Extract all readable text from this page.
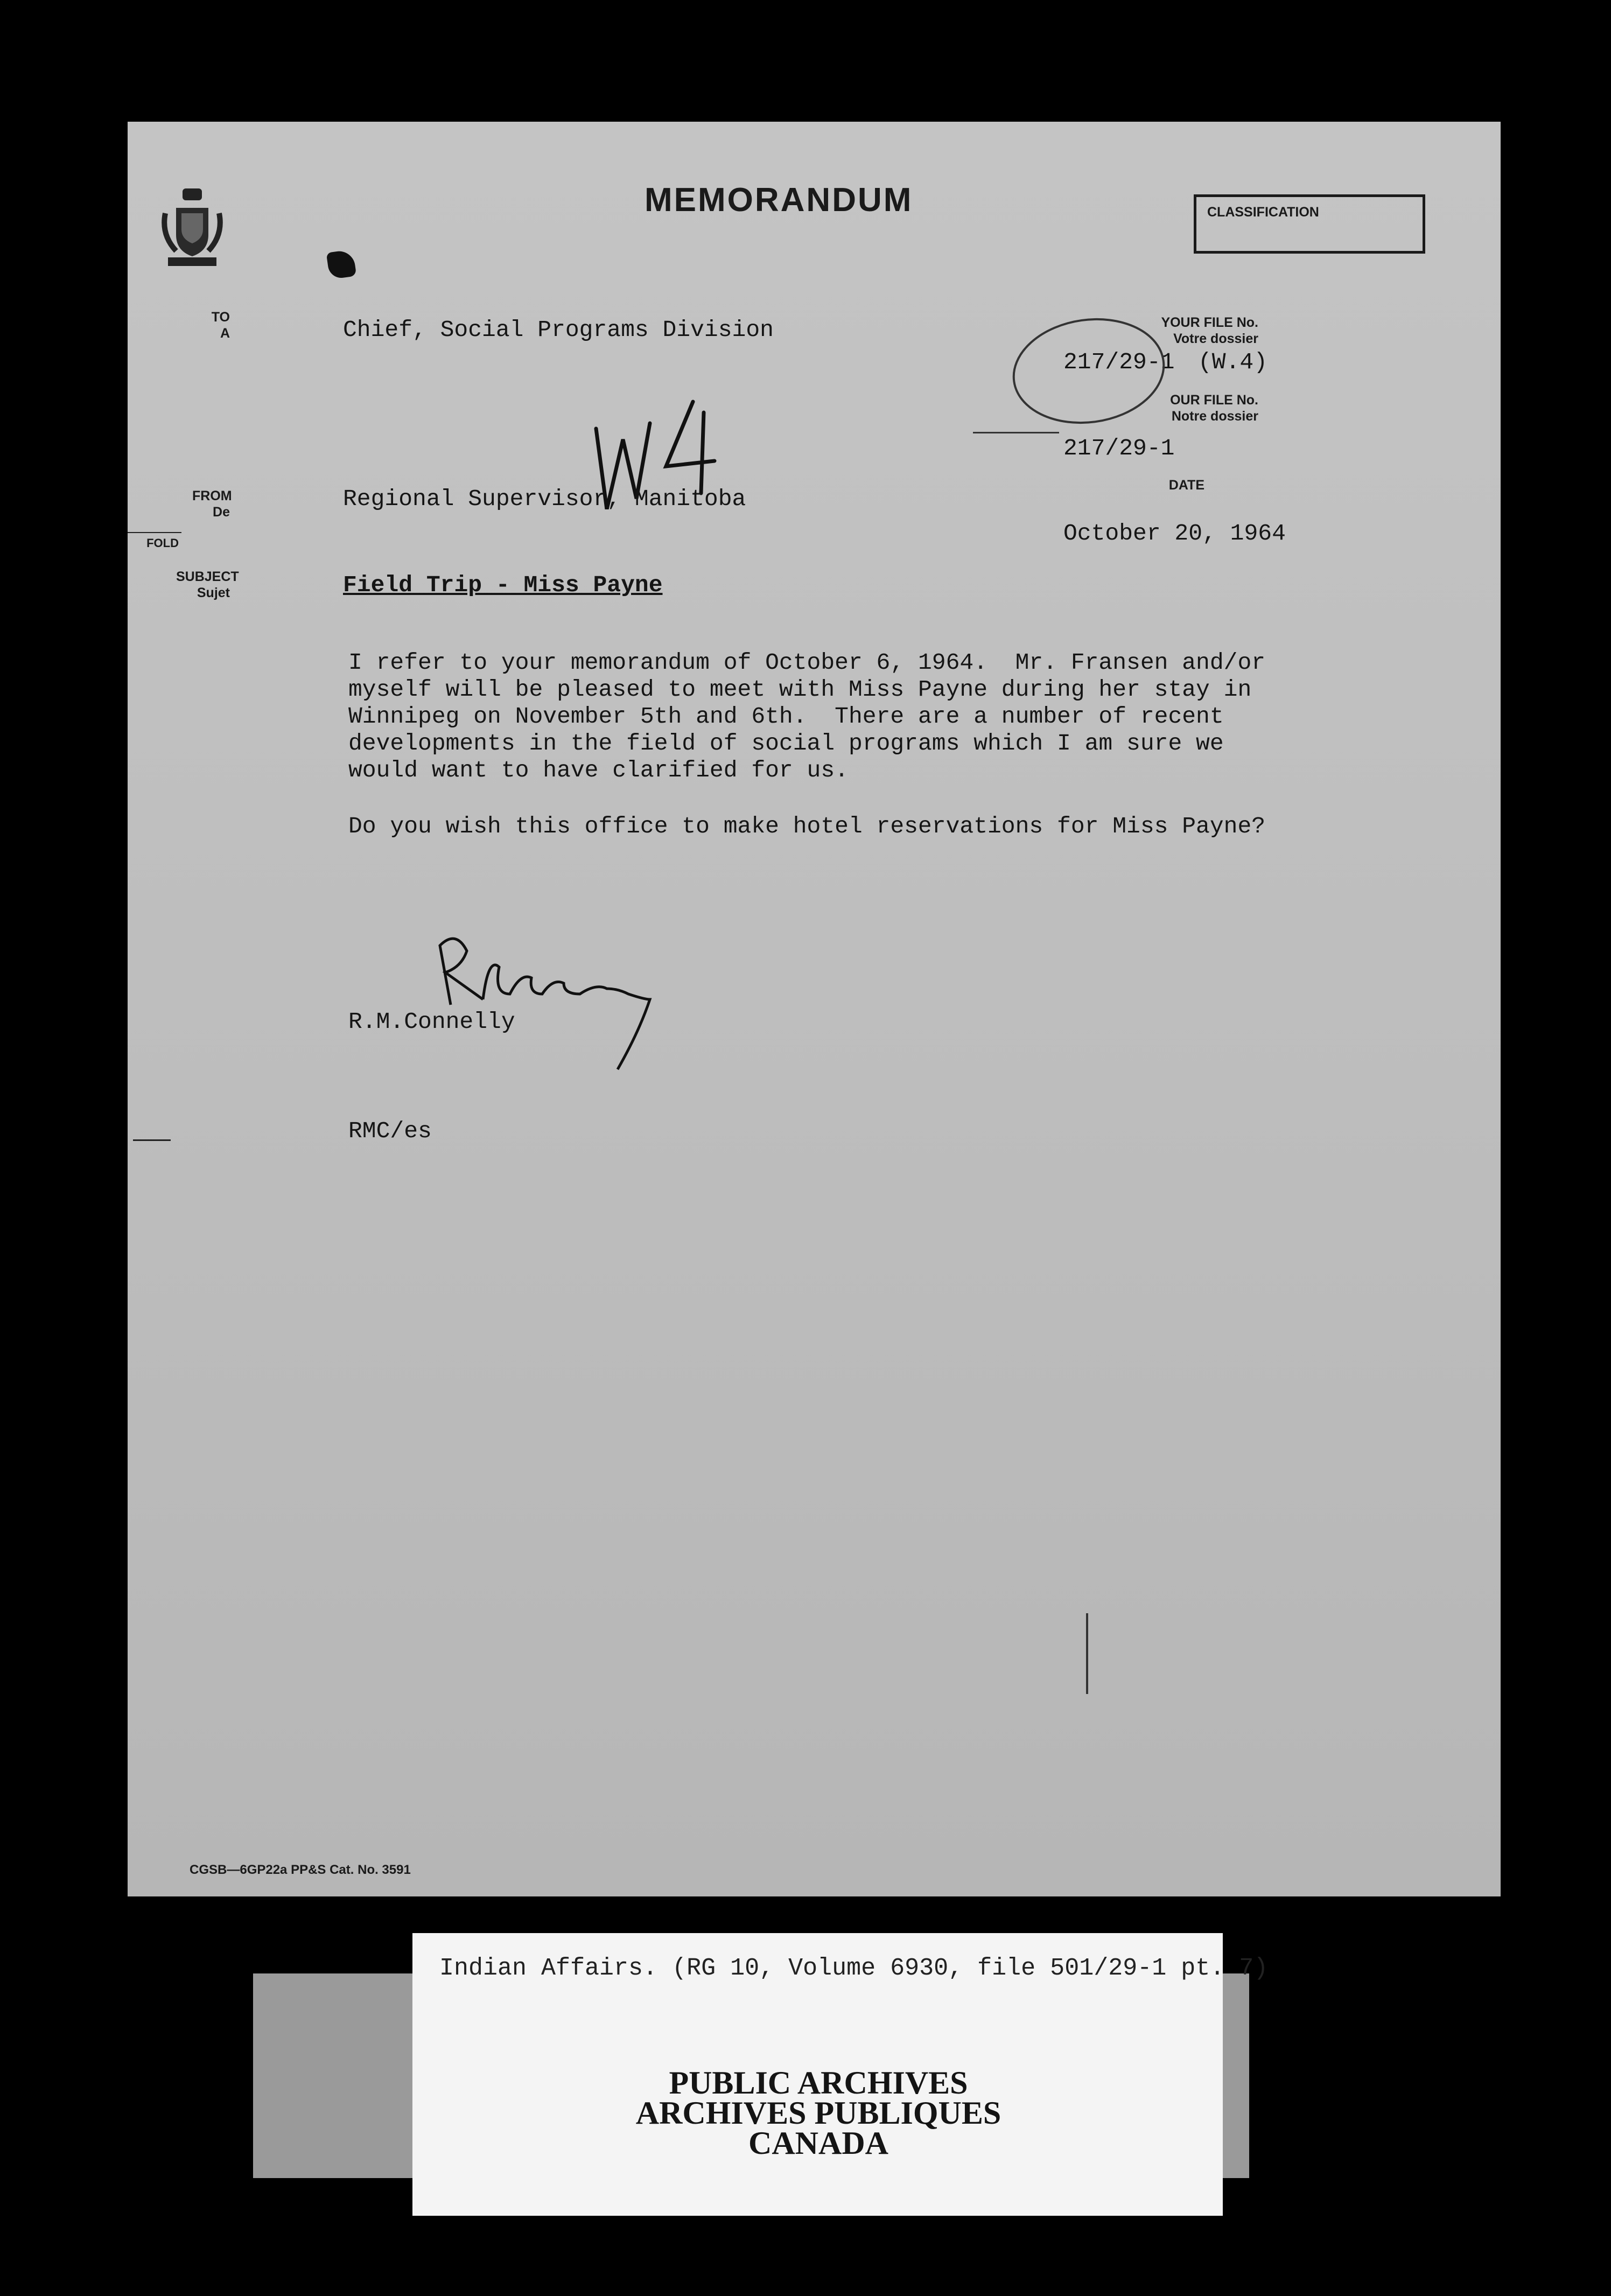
MEMORANDUM

	CLASSIFICATION

TO
A	Chief, Social Programs Division	YOUR FILE No.
Votre dossier
217/29-1 (W.4)
OUR FILE No.
Notre dossier
217/29-1
DATE
October 20, 1964
FROM
De	Regional Supervisor, Manitoba
FOLD
SUBJECT
Sujet	Field Trip - Miss Payne
I refer to your memorandum of October 6, 1964.  Mr. Fransen and/or
myself will be pleased to meet with Miss Payne during her stay in
Winnipeg on November 5th and 6th.  There are a number of recent
developments in the field of social programs which I am sure we
would want to have clarified for us.
Do you wish this office to make hotel reservations for Miss Payne?
R.M.Connelly
RMC/es
CGSB—6GP22a PP&S Cat. No. 3591
Indian Affairs. (RG 10, Volume 6930, file 501/29-1 pt. 7)
PUBLIC ARCHIVES
ARCHIVES PUBLIQUES
CANADA
